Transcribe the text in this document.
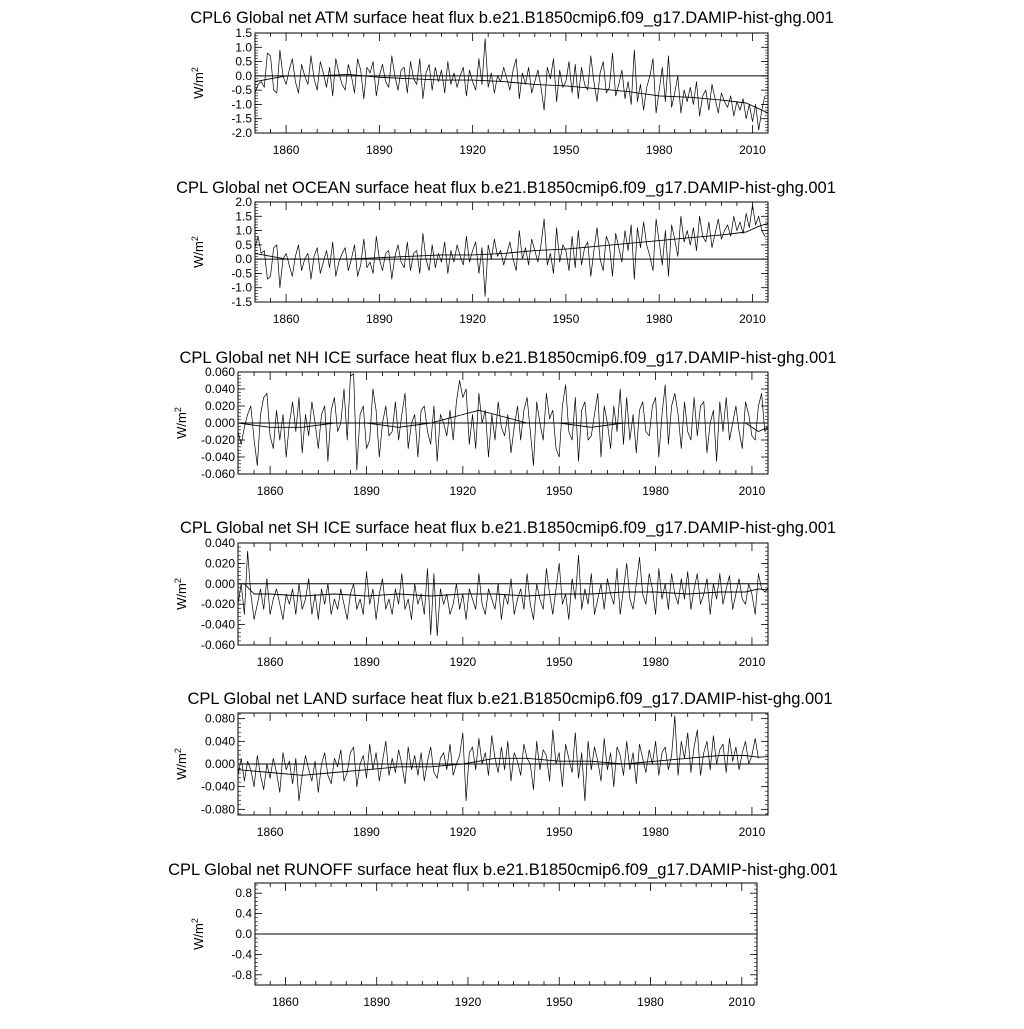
CPL6 Global net ATM surface heat flux b.e21.B1850cmip6.f09_g17.DAMIP-hist-ghg.001
1860	1890	1920	1950	1980	2010
1.5
1.0
0.5
0.0
-0.5
-1.0
-1.5
-2.0
$W/m^2$
CPL Global net OCEAN surface heat flux b.e21.B1850cmip6.f09_g17.DAMIP-hist-ghg.001
1860	1890	1920	1950	1980	2010
2.0
1.5
1.0
0.5
0.0
-0.5
-1.0
-1.5
$W/m^2$
CPL Global net NH ICE surface heat flux b.e21.B1850cmip6.f09_g17.DAMIP-hist-ghg.001
1860	1890	1920	1950	1980	2010
0.060
0.040
0.020
0.000
-0.020
-0.040
-0.060
$W/m^2$
CPL Global net SH ICE surface heat flux b.e21.B1850cmip6.f09_g17.DAMIP-hist-ghg.001
1860	1890	1920	1950	1980	2010
0.040
0.020
0.000
-0.020
-0.040
-0.060
$W/m^2$
CPL Global net LAND surface heat flux b.e21.B1850cmip6.f09_g17.DAMIP-hist-ghg.001
1860	1890	1920	1950	1980	2010
0.080
0.040
0.000
-0.040
-0.080
$W/m^2$
CPL Global net RUNOFF surface heat flux b.e21.B1850cmip6.f09_g17.DAMIP-hist-ghg.001
1860	1890	1920	1950	1980	2010
0.8
0.4
0.0
-0.4
-0.8
$W/m^2$
